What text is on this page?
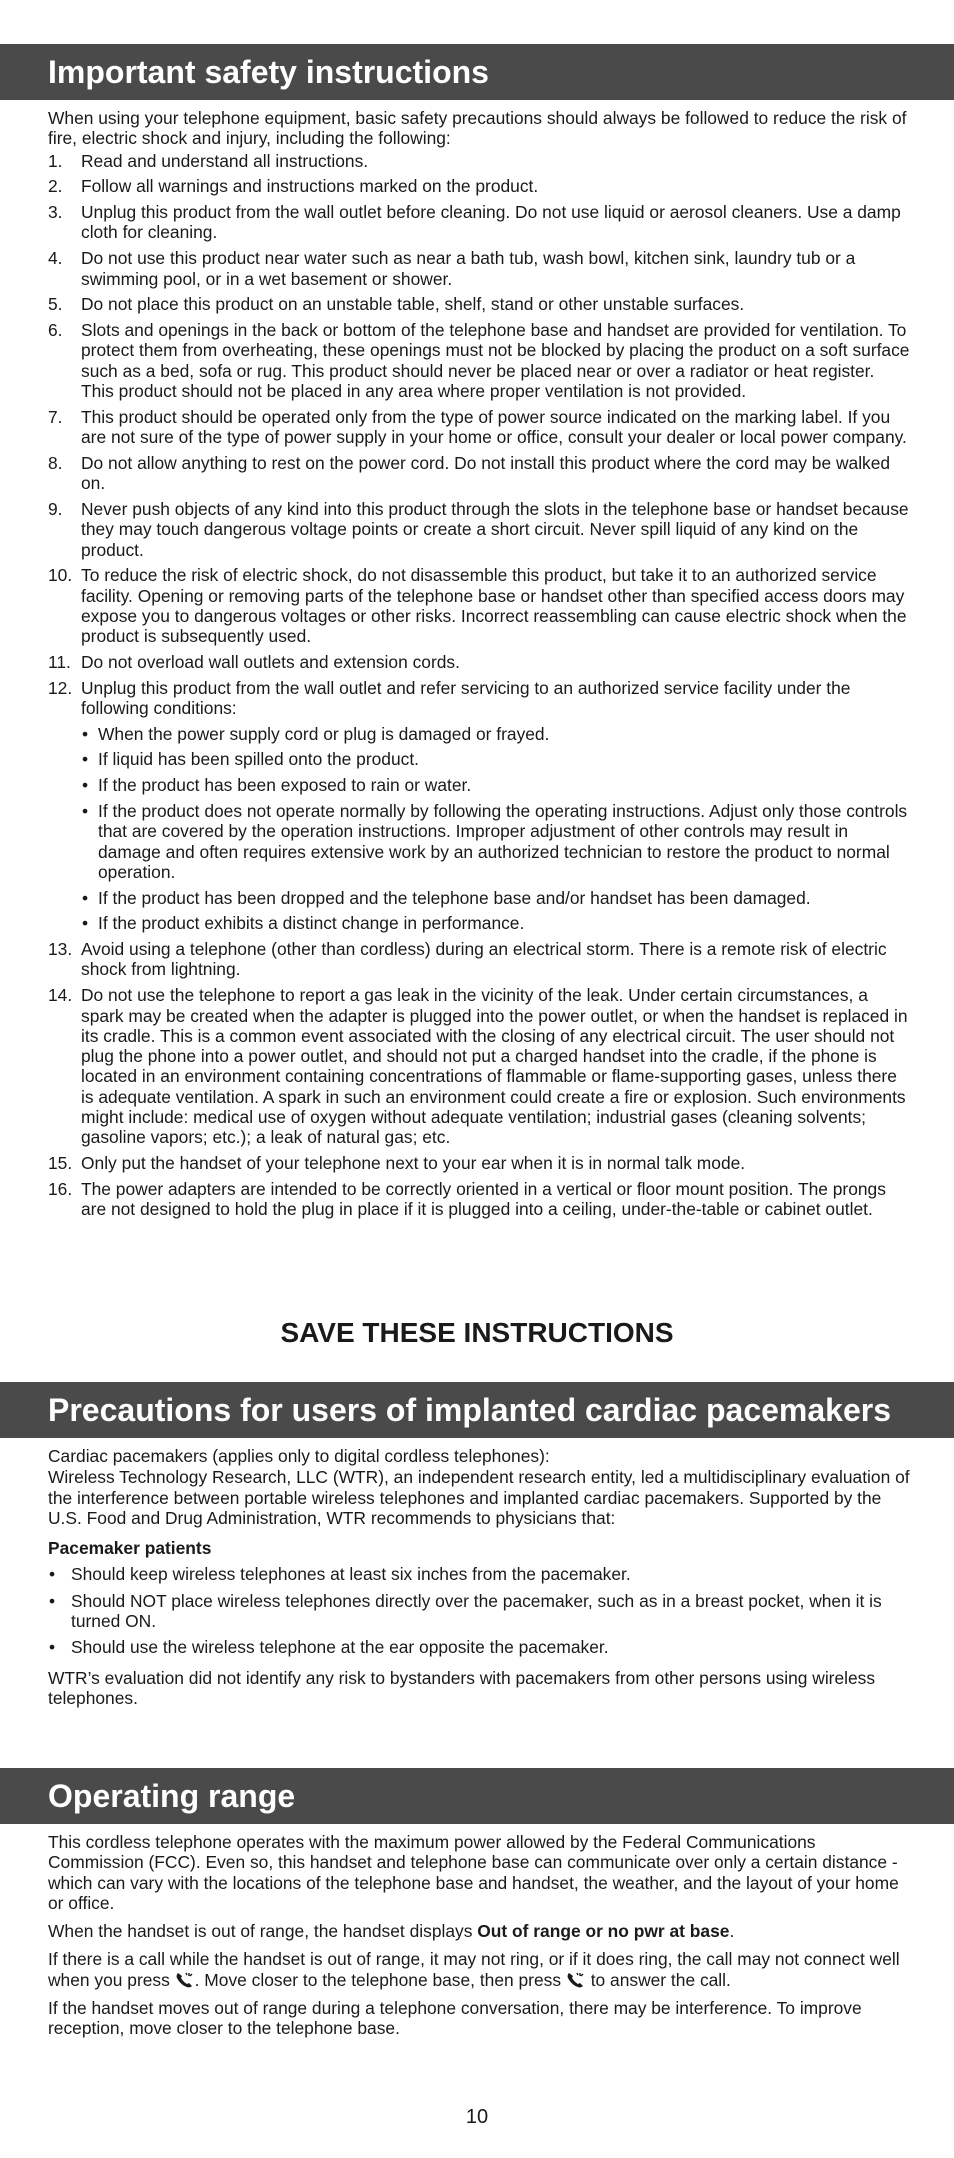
Important safety instructions

When using your telephone equipment, basic safety precautions should always be followed to reduce the risk of fire, electric shock and injury, including the following:

1. Read and understand all instructions.
2. Follow all warnings and instructions marked on the product.
3. Unplug this product from the wall outlet before cleaning. Do not use liquid or aerosol cleaners. Use a damp cloth for cleaning.
4. Do not use this product near water such as near a bath tub, wash bowl, kitchen sink, laundry tub or a swimming pool, or in a wet basement or shower.
5. Do not place this product on an unstable table, shelf, stand or other unstable surfaces.
6. Slots and openings in the back or bottom of the telephone base and handset are provided for ventilation. To protect them from overheating, these openings must not be blocked by placing the product on a soft surface such as a bed, sofa or rug. This product should never be placed near or over a radiator or heat register. This product should not be placed in any area where proper ventilation is not provided.
7. This product should be operated only from the type of power source indicated on the marking label. If you are not sure of the type of power supply in your home or office, consult your dealer or local power company.
8. Do not allow anything to rest on the power cord. Do not install this product where the cord may be walked on.
9. Never push objects of any kind into this product through the slots in the telephone base or handset because they may touch dangerous voltage points or create a short circuit. Never spill liquid of any kind on the product.
10. To reduce the risk of electric shock, do not disassemble this product, but take it to an authorized service facility. Opening or removing parts of the telephone base or handset other than specified access doors may expose you to dangerous voltages or other risks. Incorrect reassembling can cause electric shock when the product is subsequently used.
11. Do not overload wall outlets and extension cords.
12. Unplug this product from the wall outlet and refer servicing to an authorized service facility under the following conditions:
• When the power supply cord or plug is damaged or frayed.
• If liquid has been spilled onto the product.
• If the product has been exposed to rain or water.
• If the product does not operate normally by following the operating instructions. Adjust only those controls that are covered by the operation instructions. Improper adjustment of other controls may result in damage and often requires extensive work by an authorized technician to restore the product to normal operation.
• If the product has been dropped and the telephone base and/or handset has been damaged.
• If the product exhibits a distinct change in performance.
13. Avoid using a telephone (other than cordless) during an electrical storm. There is a remote risk of electric shock from lightning.
14. Do not use the telephone to report a gas leak in the vicinity of the leak. Under certain circumstances, a spark may be created when the adapter is plugged into the power outlet, or when the handset is replaced in its cradle. This is a common event associated with the closing of any electrical circuit. The user should not plug the phone into a power outlet, and should not put a charged handset into the cradle, if the phone is located in an environment containing concentrations of flammable or flame-supporting gases, unless there is adequate ventilation. A spark in such an environment could create a fire or explosion. Such environments might include: medical use of oxygen without adequate ventilation; industrial gases (cleaning solvents; gasoline vapors; etc.); a leak of natural gas; etc.
15. Only put the handset of your telephone next to your ear when it is in normal talk mode.
16. The power adapters are intended to be correctly oriented in a vertical or floor mount position. The prongs are not designed to hold the plug in place if it is plugged into a ceiling, under-the-table or cabinet outlet.
SAVE THESE INSTRUCTIONS
Precautions for users of implanted cardiac pacemakers

Cardiac pacemakers (applies only to digital cordless telephones):

Wireless Technology Research, LLC (WTR), an independent research entity, led a multidisciplinary evaluation of the interference between portable wireless telephones and implanted cardiac pacemakers. Supported by the U.S. Food and Drug Administration, WTR recommends to physicians that:

Pacemaker patients

• Should keep wireless telephones at least six inches from the pacemaker.
• Should NOT place wireless telephones directly over the pacemaker, such as in a breast pocket, when it is turned ON.
• Should use the wireless telephone at the ear opposite the pacemaker.

WTR’s evaluation did not identify any risk to bystanders with pacemakers from other persons using wireless telephones.

Operating range

This cordless telephone operates with the maximum power allowed by the Federal Communications Commission (FCC). Even so, this handset and telephone base can communicate over only a certain distance - which can vary with the locations of the telephone base and handset, the weather, and the layout of your home or office.

When the handset is out of range, the handset displays Out of range or no pwr at base.

If there is a call while the handset is out of range, it may not ring, or if it does ring, the call may not connect well when you press . Move closer to the telephone base, then press  to answer the call.

If the handset moves out of range during a telephone conversation, there may be interference. To improve reception, move closer to the telephone base.

10
